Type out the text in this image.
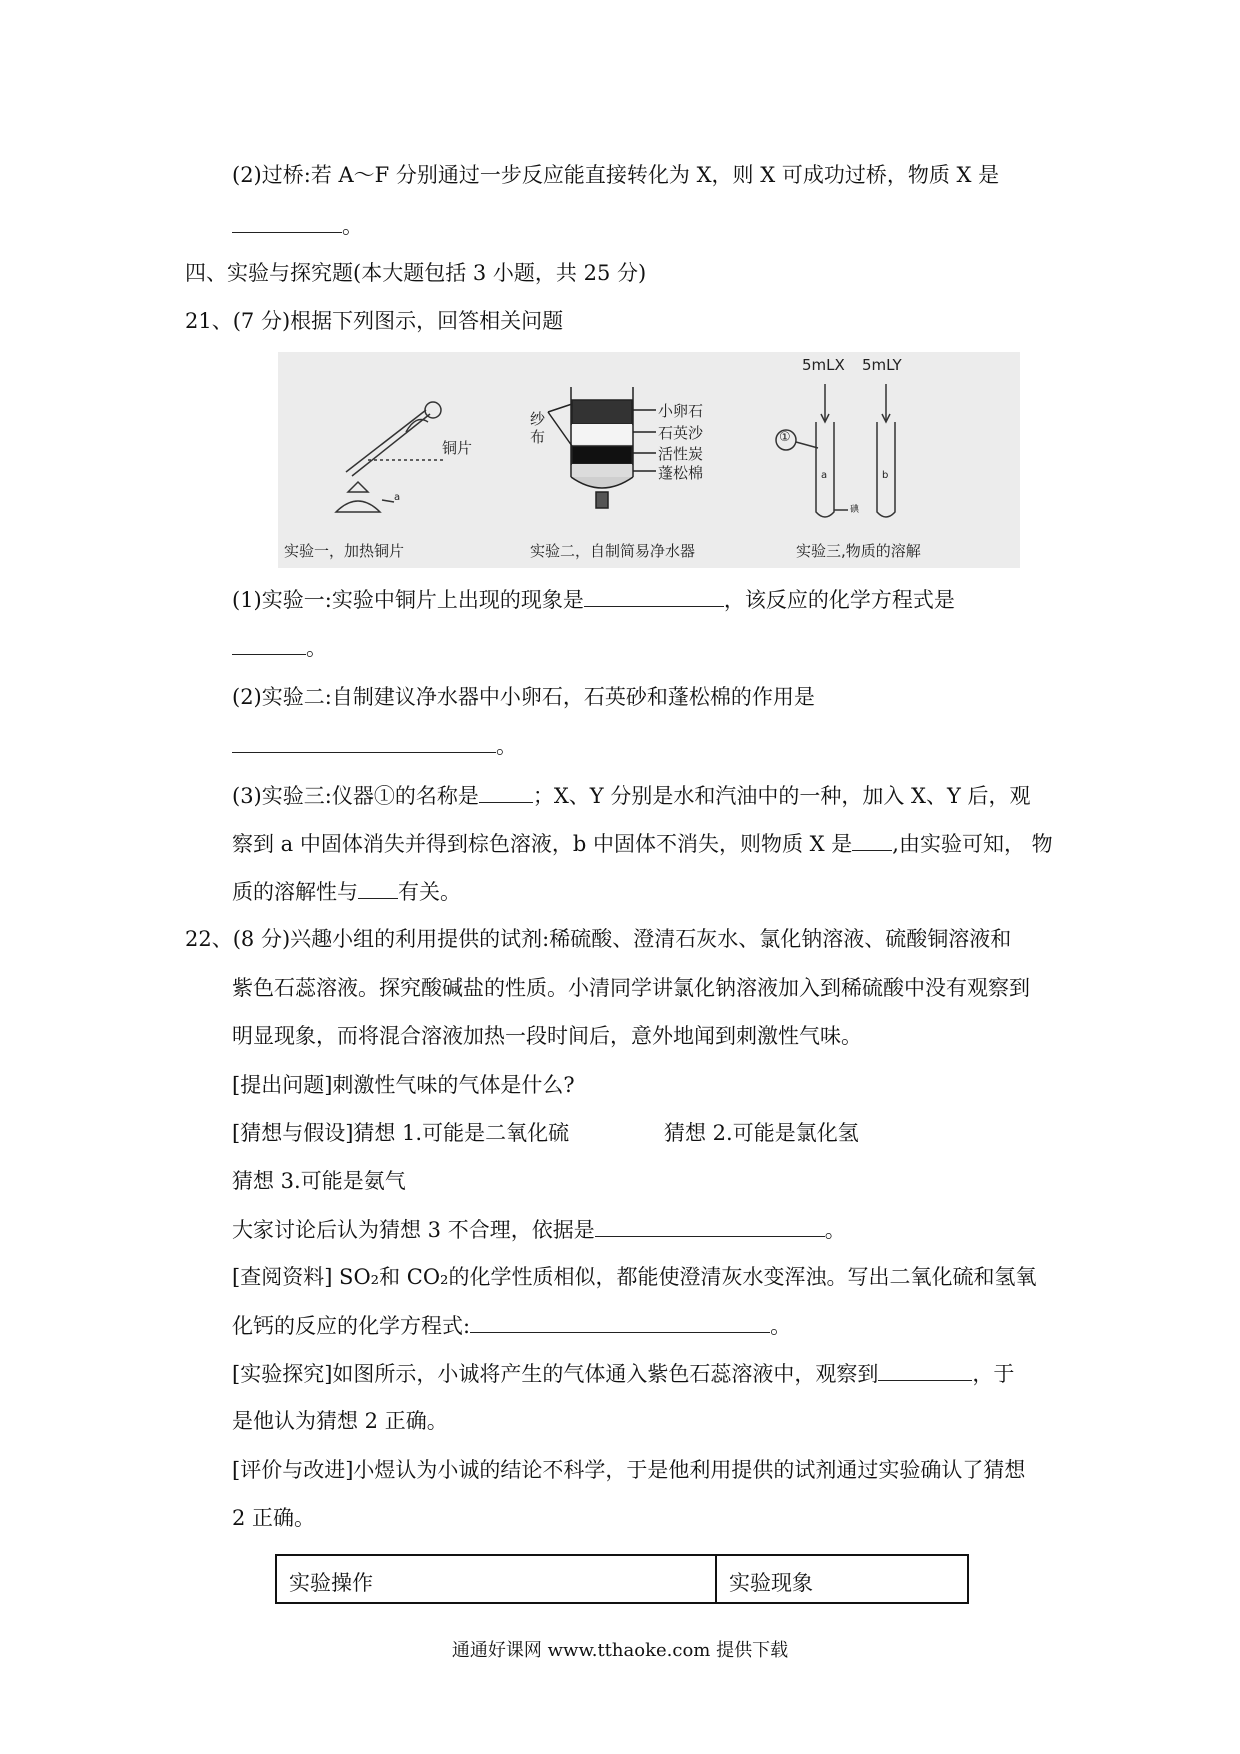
(2)过桥:若 A～F 分别通过一步反应能直接转化为 X，则 X 可成功过桥，物质 X 是
。
四、实验与探究题(本大题包括 3 小题，共 25 分)
21、(7 分)根据下列图示，回答相关问题
铜片
a
实验一，加热铜片
纱
布
小卵石
石英沙
活性炭
蓬松棉
实验二，自制简易净水器
5mLX 5mLY
①
a	b
碘
实验三,物质的溶解
(1)实验一:实验中铜片上出现的现象是	，该反应的化学方程式是
。
(2)实验二:自制建议净水器中小卵石，石英砂和蓬松棉的作用是
。
(3)实验三:仪器①的名称是	；X、Y 分别是水和汽油中的一种，加入 X、Y 后，观
察到 a 中固体消失并得到棕色溶液，b 中固体不消失，则物质 X 是 ,由实验可知， 物
质的溶解性与 有关。
22、(8 分)兴趣小组的利用提供的试剂:稀硫酸、澄清石灰水、氯化钠溶液、硫酸铜溶液和
紫色石蕊溶液。探究酸碱盐的性质。小清同学讲氯化钠溶液加入到稀硫酸中没有观察到
明显现象，而将混合溶液加热一段时间后，意外地闻到刺激性气味。
[提出问题]刺激性气味的气体是什么?
[猜想与假设]猜想 1.可能是二氧化硫	猜想 2.可能是氯化氢
猜想 3.可能是氨气
大家讨论后认为猜想 3 不合理，依据是	。
[查阅资料] SO₂和 CO₂的化学性质相似，都能使澄清灰水变浑浊。写出二氧化硫和氢氧
化钙的反应的化学方程式:	。
[实验探究]如图所示，小诚将产生的气体通入紫色石蕊溶液中，观察到	，于
是他认为猜想 2 正确。
[评价与改进]小煜认为小诚的结论不科学，于是他利用提供的试剂通过实验确认了猜想
2 正确。
实验操作	实验现象
通通好课网 www.tthaoke.com 提供下载
